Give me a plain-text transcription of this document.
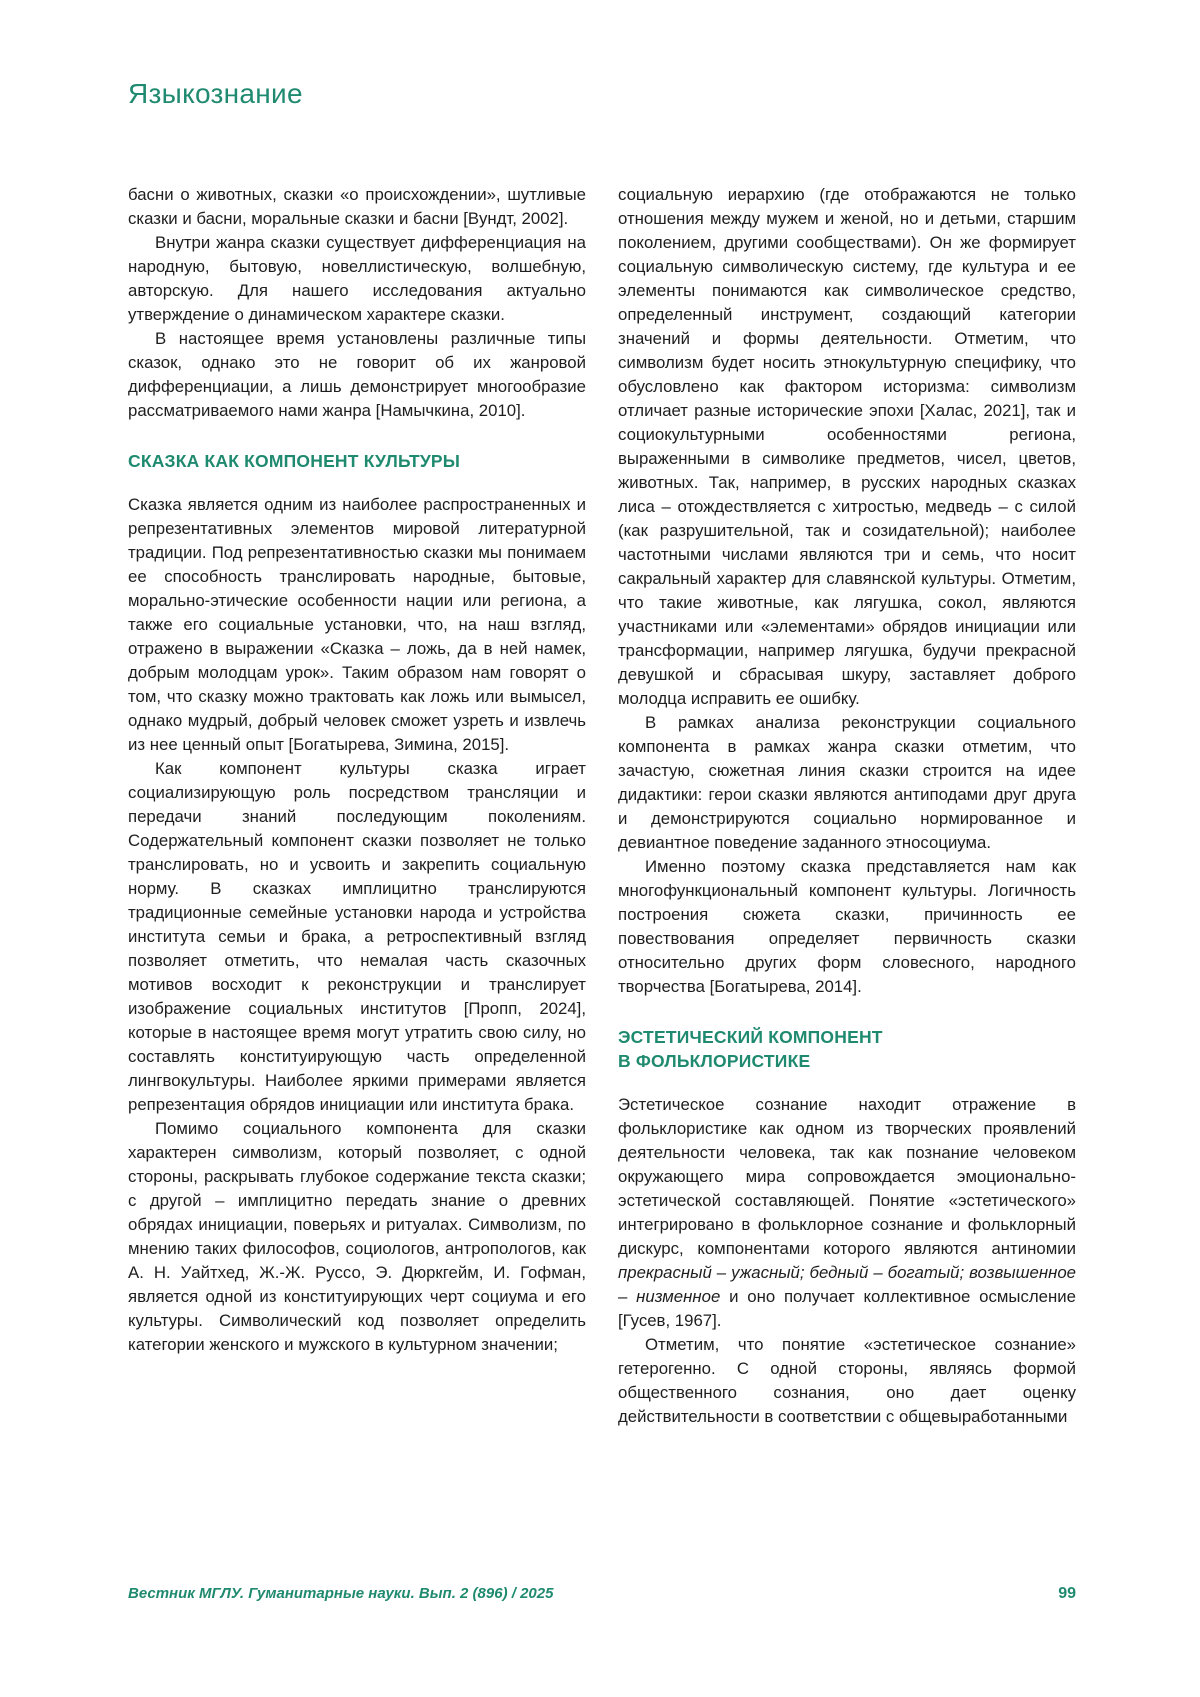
Языкознание

басни о животных, сказки «о происхождении», шутливые сказки и басни, моральные сказки и басни [Вундт, 2002].

Внутри жанра сказки существует дифференциация на народную, бытовую, новеллистическую, волшебную, авторскую. Для нашего исследования актуально утверждение о динамическом характере сказки.

В настоящее время установлены различные типы сказок, однако это не говорит об их жанровой дифференциации, а лишь демонстрирует многообразие рассматриваемого нами жанра [Намычкина, 2010].

СКАЗКА КАК КОМПОНЕНТ КУЛЬТУРЫ

Сказка является одним из наиболее распространенных и репрезентативных элементов мировой литературной традиции. Под репрезентативностью сказки мы понимаем ее способность транслировать народные, бытовые, морально-этические особенности нации или региона, а также его социальные установки, что, на наш взгляд, отражено в выражении «Сказка – ложь, да в ней намек, добрым молодцам урок». Таким образом нам говорят о том, что сказку можно трактовать как ложь или вымысел, однако мудрый, добрый человек сможет узреть и извлечь из нее ценный опыт [Богатырева, Зимина, 2015].

Как компонент культуры сказка играет социализирующую роль посредством трансляции и передачи знаний последующим поколениям. Содержательный компонент сказки позволяет не только транслировать, но и усвоить и закрепить социальную норму. В сказках имплицитно транслируются традиционные семейные установки народа и устройства института семьи и брака, а ретроспективный взгляд позволяет отметить, что немалая часть сказочных мотивов восходит к реконструкции и транслирует изображение социальных институтов [Пропп, 2024], которые в настоящее время могут утратить свою силу, но составлять конституирующую часть определенной лингвокультуры. Наиболее яркими примерами является репрезентация обрядов инициации или института брака.

Помимо социального компонента для сказки характерен символизм, который позволяет, с одной стороны, раскрывать глубокое содержание текста сказки; с другой – имплицитно передать знание о древних обрядах инициации, поверьях и ритуалах. Символизм, по мнению таких философов, социологов, антропологов, как А. Н. Уайтхед, Ж.-Ж. Руссо, Э. Дюркгейм, И. Гофман, является одной из конституирующих черт социума и его культуры. Символический код позволяет определить категории женского и мужского в культурном значении;

социальную иерархию (где отображаются не только отношения между мужем и женой, но и детьми, старшим поколением, другими сообществами). Он же формирует социальную символическую систему, где культура и ее элементы понимаются как символическое средство, определенный инструмент, создающий категории значений и формы деятельности. Отметим, что символизм будет носить этнокультурную специфику, что обусловлено как фактором историзма: символизм отличает разные исторические эпохи [Халас, 2021], так и социокультурными особенностями региона, выраженными в символике предметов, чисел, цветов, животных. Так, например, в русских народных сказках лиса – отождествляется с хитростью, медведь – с силой (как разрушительной, так и созидательной); наиболее частотными числами являются три и семь, что носит сакральный характер для славянской культуры. Отметим, что такие животные, как лягушка, сокол, являются участниками или «элементами» обрядов инициации или трансформации, например лягушка, будучи прекрасной девушкой и сбрасывая шкуру, заставляет доброго молодца исправить ее ошибку.

В рамках анализа реконструкции социального компонента в рамках жанра сказки отметим, что зачастую, сюжетная линия сказки строится на идее дидактики: герои сказки являются антиподами друг друга и демонстрируются социально нормированное и девиантное поведение заданного этносоциума.

Именно поэтому сказка представляется нам как многофункциональный компонент культуры. Логичность построения сюжета сказки, причинность ее повествования определяет первичность сказки относительно других форм словесного, народного творчества [Богатырева, 2014].

ЭСТЕТИЧЕСКИЙ КОМПОНЕНТ
В ФОЛЬКЛОРИСТИКЕ

Эстетическое сознание находит отражение в фольклористике как одном из творческих проявлений деятельности человека, так как познание человеком окружающего мира сопровождается эмоционально-эстетической составляющей. Понятие «эстетического» интегрировано в фольклорное сознание и фольклорный дискурс, компонентами которого являются антиномии прекрасный – ужасный; бедный – богатый; возвышенное – низменное и оно получает коллективное осмысление [Гусев, 1967].

Отметим, что понятие «эстетическое сознание» гетерогенно. С одной стороны, являясь формой общественного сознания, оно дает оценку действительности в соответствии с общевыработанными

Вестник МГЛУ. Гуманитарные науки. Вып. 2 (896) / 2025	99
